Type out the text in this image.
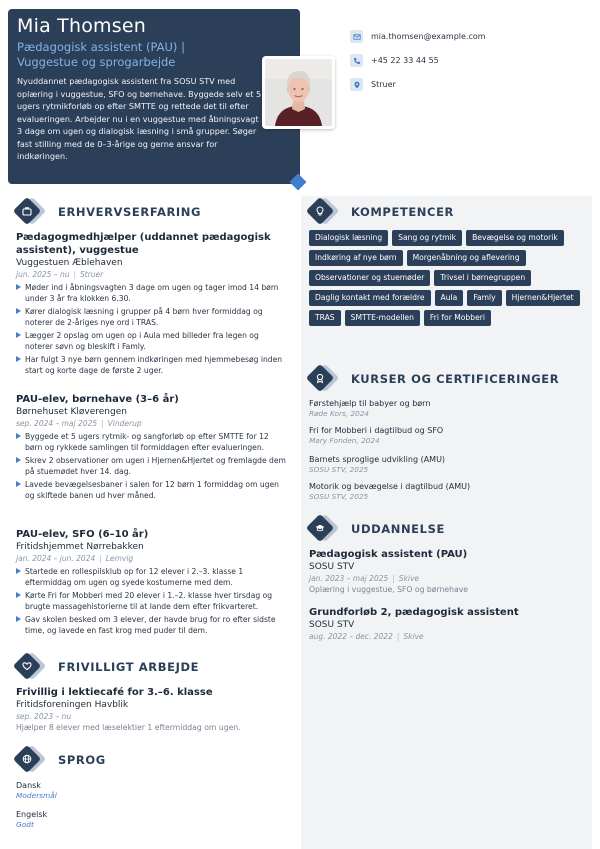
Mia Thomsen
Pædagogisk assistent (PAU) | Vuggestue og sprogarbejde
Nyuddannet pædagogisk assistent fra SOSU STV med oplæring i vuggestue, SFO og børnehave. Byggede selv et 5 ugers rytmikforløb op efter SMTTE og rettede det til efter evalueringen. Arbejder nu i en vuggestue med åbningsvagt 3 dage om ugen og dialogisk læsning i små grupper. Søger fast stilling med de 0–3-årige og gerne ansvar for indkøringen.
mia.thomsen@example.com
+45 22 33 44 55
Struer
ERHVERVSERFARING
Pædagogmedhjælper (uddannet pædagogisk assistent), vuggestue
Vuggestuen Æblehaven
jun. 2025 – nu | Struer
Møder ind i åbningsvagten 3 dage om ugen og tager imod 14 børn under 3 år fra klokken 6.30.
Kører dialogisk læsning i grupper på 4 børn hver formiddag og noterer de 2-åriges nye ord i TRAS.
Lægger 2 opslag om ugen op i Aula med billeder fra legen og noterer søvn og bleskift i Famly.
Har fulgt 3 nye børn gennem indkøringen med hjemmebesøg inden start og korte dage de første 2 uger.
PAU-elev, børnehave (3–6 år)
Børnehuset Kløverengen
sep. 2024 – maj 2025 | Vinderup
Byggede et 5 ugers rytmik- og sangforløb op efter SMTTE for 12 børn og rykkede samlingen til formiddagen efter evalueringen.
Skrev 2 observationer om ugen i Hjernen&Hjertet og fremlagde dem på stuemødet hver 14. dag.
Lavede bevægelsesbaner i salen for 12 børn 1 formiddag om ugen og skiftede banen ud hver måned.
PAU-elev, SFO (6–10 år)
Fritidshjemmet Nørrebakken
jan. 2024 – jun. 2024 | Lemvig
Startede en rollespilsklub op for 12 elever i 2.–3. klasse 1 eftermiddag om ugen og syede kostumerne med dem.
Kørte Fri for Mobberi med 20 elever i 1.–2. klasse hver tirsdag og brugte massagehistorierne til at lande dem efter frikvarteret.
Gav skolen besked om 3 elever, der havde brug for ro efter sidste time, og lavede en fast krog med puder til dem.
FRIVILLIGT ARBEJDE
Frivillig i lektiecafé for 3.–6. klasse
Fritidsforeningen Havblik
sep. 2023 – nu
Hjælper 8 elever med læselektier 1 eftermiddag om ugen.
SPROG
Dansk
Modersmål
Engelsk
Godt
KOMPETENCER
Dialogisk læsning	Sang og rytmik	Bevægelse og motorik
Indkøring af nye børn	Morgenåbning og aflevering
Observationer og stuemøder	Trivsel i børnegruppen
Daglig kontakt med forældre	Aula	Famly	Hjernen&Hjertet
TRAS	SMTTE-modellen	Fri for Mobberi
KURSER OG CERTIFICERINGER
Førstehjælp til babyer og børn
Røde Kors, 2024
Fri for Mobberi i dagtilbud og SFO
Mary Fonden, 2024
Barnets sproglige udvikling (AMU)
SOSU STV, 2025
Motorik og bevægelse i dagtilbud (AMU)
SOSU STV, 2025
UDDANNELSE
Pædagogisk assistent (PAU)
SOSU STV
jan. 2023 – maj 2025 | Skive
Oplæring i vuggestue, SFO og børnehave
Grundforløb 2, pædagogisk assistent
SOSU STV
aug. 2022 – dec. 2022 | Skive
